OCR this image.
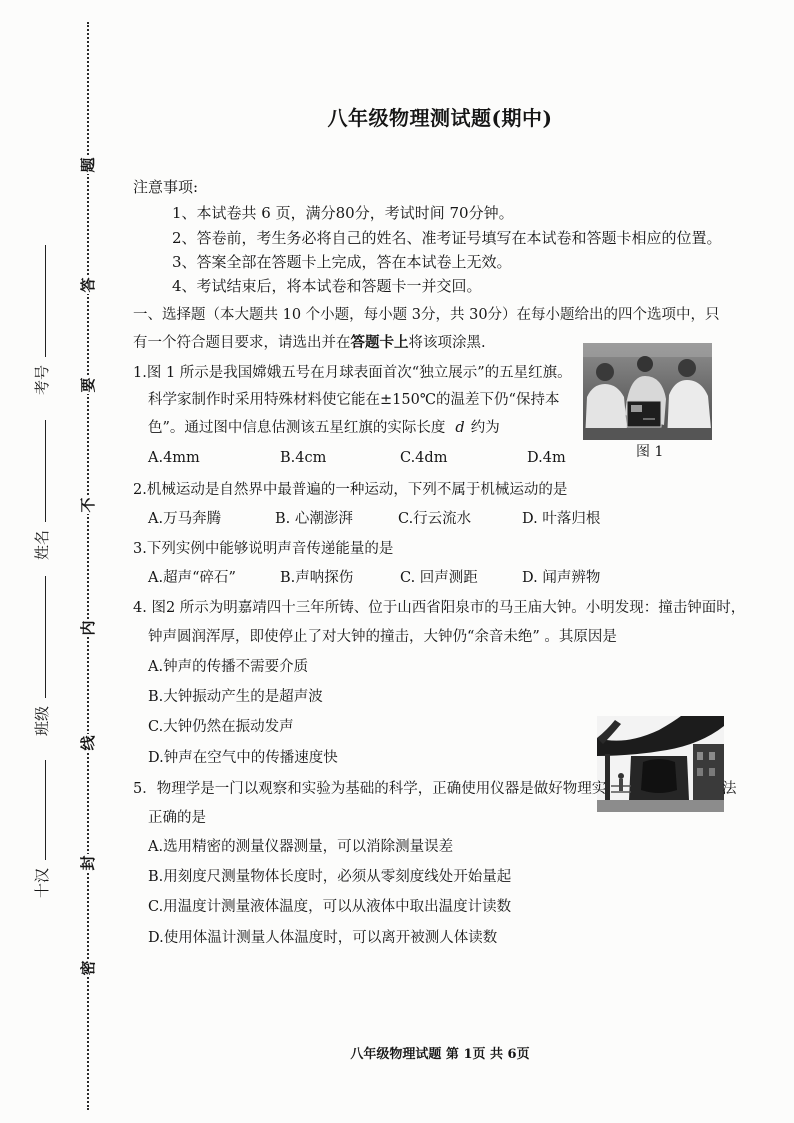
题
答
要
不
内
线
封
密
考号
姓名
班级
十汉
八年级物理测试题(期中)
注意事项:
1、本试卷共 6 页，满分80分，考试时间 70分钟。
2、答卷前，考生务必将自己的姓名、准考证号填写在本试卷和答题卡相应的位置。
3、答案全部在答题卡上完成，答在本试卷上无效。
4、考试结束后，将本试卷和答题卡一并交回。
一、选择题（本大题共 10 个小题，每小题 3分，共 30分）在每小题给出的四个选项中，只
有一个符合题目要求，请选出并在答题卡上将该项涂黑.
1.图 1 所示是我国嫦娥五号在月球表面首次“独立展示”的五星红旗。
科学家制作时采用特殊材料使它能在±150℃的温差下仍“保持本
色”。通过图中信息估测该五星红旗的实际长度 d 约为
A.4mm	B.4cm	C.4dm	D.4m	图 1
2.机械运动是自然界中最普遍的一种运动，下列不属于机械运动的是
A.万马奔腾	B. 心潮澎湃	C.行云流水	D. 叶落归根
3.下列实例中能够说明声音传递能量的是
A.超声“碎石”	B.声呐探伤	C. 回声测距	D. 闻声辨物
4. 图2 所示为明嘉靖四十三年所铸、位于山西省阳泉市的马王庙大钟。小明发现：撞击钟面时，
钟声圆润浑厚，即使停止了对大钟的撞击，大钟仍“余音未绝” 。其原因是
A.钟声的传播不需要介质
B.大钟振动产生的是超声波
C.大钟仍然在振动发声
D.钟声在空气中的传播速度快
5．物理学是一门以观察和实验为基础的科学，正确使用仪器是做好物理实	法
正确的是
A.选用精密的测量仪器测量，可以消除测量误差
B.用刻度尺测量物体长度时，必须从零刻度线处开始量起
C.用温度计测量液体温度，可以从液体中取出温度计读数
D.使用体温计测量人体温度时，可以离开被测人体读数
八年级物理试题 第 1页 共 6页
